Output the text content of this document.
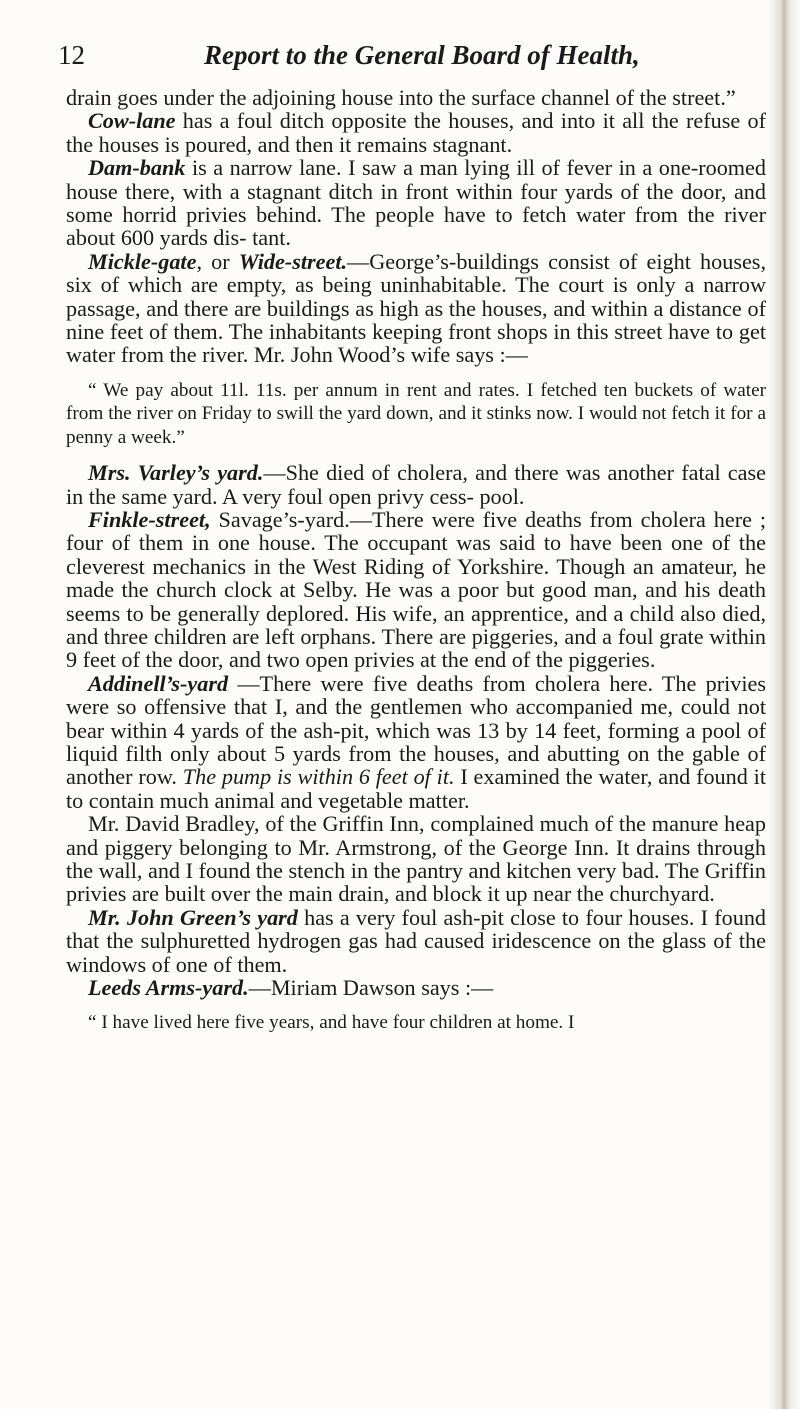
12	Report to the General Board of Health,

drain goes under the adjoining house into the surface channel of the street.”

Cow-lane has a foul ditch opposite the houses, and into it all the refuse of the houses is poured, and then it remains stagnant.

Dam-bank is a narrow lane. I saw a man lying ill of fever in a one-roomed house there, with a stagnant ditch in front within four yards of the door, and some horrid privies behind. The people have to fetch water from the river about 600 yards dis- tant.

Mickle-gate, or Wide-street.—George’s-buildings consist of eight houses, six of which are empty, as being uninhabitable. The court is only a narrow passage, and there are buildings as high as the houses, and within a distance of nine feet of them. The inhabitants keeping front shops in this street have to get water from the river. Mr. John Wood’s wife says :—

“ We pay about 11l. 11s. per annum in rent and rates. I fetched ten buckets of water from the river on Friday to swill the yard down, and it stinks now. I would not fetch it for a penny a week.”

Mrs. Varley’s yard.—She died of cholera, and there was another fatal case in the same yard. A very foul open privy cess- pool.

Finkle-street, Savage’s-yard.—There were five deaths from cholera here ; four of them in one house. The occupant was said to have been one of the cleverest mechanics in the West Riding of Yorkshire. Though an amateur, he made the church clock at Selby. He was a poor but good man, and his death seems to be generally deplored. His wife, an apprentice, and a child also died, and three children are left orphans. There are piggeries, and a foul grate within 9 feet of the door, and two open privies at the end of the piggeries.

Addinell’s-yard —There were five deaths from cholera here. The privies were so offensive that I, and the gentlemen who accompanied me, could not bear within 4 yards of the ash-pit, which was 13 by 14 feet, forming a pool of liquid filth only about 5 yards from the houses, and abutting on the gable of another row. The pump is within 6 feet of it. I examined the water, and found it to contain much animal and vegetable matter.

Mr. David Bradley, of the Griffin Inn, complained much of the manure heap and piggery belonging to Mr. Armstrong, of the George Inn. It drains through the wall, and I found the stench in the pantry and kitchen very bad. The Griffin privies are built over the main drain, and block it up near the churchyard.

Mr. John Green’s yard has a very foul ash-pit close to four houses. I found that the sulphuretted hydrogen gas had caused iridescence on the glass of the windows of one of them.

Leeds Arms-yard.—Miriam Dawson says :—

“ I have lived here five years, and have four children at home. I
